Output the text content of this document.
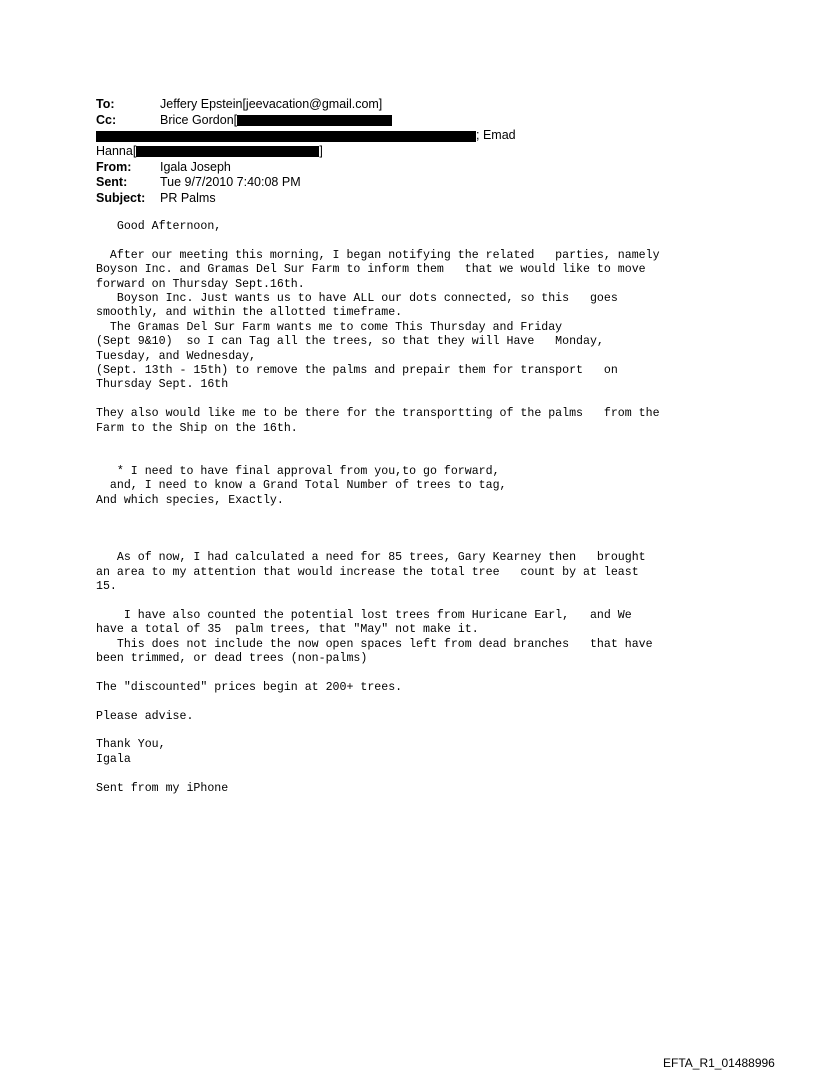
To:	Jeffery Epstein[jeevacation@gmail.com]
Cc:	Brice Gordon[
; Emad
Hanna[	]
From: Igala Joseph
Sent:	Tue 9/7/2010 7:40:08 PM
Subject: PR Palms
Good Afternoon,
After our meeting this morning, I began notifying the related   parties, namely
Boyson Inc. and Gramas Del Sur Farm to inform them   that we would like to move
forward on Thursday Sept.16th.
Boyson Inc. Just wants us to have ALL our dots connected, so this   goes
smoothly, and within the allotted timeframe.
The Gramas Del Sur Farm wants me to come This Thursday and Friday
(Sept 9&10)  so I can Tag all the trees, so that they will Have   Monday,
Tuesday, and Wednesday,
(Sept. 13th - 15th) to remove the palms and prepair them for transport   on
Thursday Sept. 16th
They also would like me to be there for the transportting of the palms   from the
Farm to the Ship on the 16th.
* I need to have final approval from you,to go forward,
and, I need to know a Grand Total Number of trees to tag,
And which species, Exactly.
As of now, I had calculated a need for 85 trees, Gary Kearney then   brought
an area to my attention that would increase the total tree   count by at least
15.
I have also counted the potential lost trees from Huricane Earl,   and We
have a total of 35  palm trees, that "May" not make it.
This does not include the now open spaces left from dead branches   that have
been trimmed, or dead trees (non-palms)
The "discounted" prices begin at 200+ trees.
Please advise.
Thank You,
Igala
Sent from my iPhone
EFTA_R1_01488996
